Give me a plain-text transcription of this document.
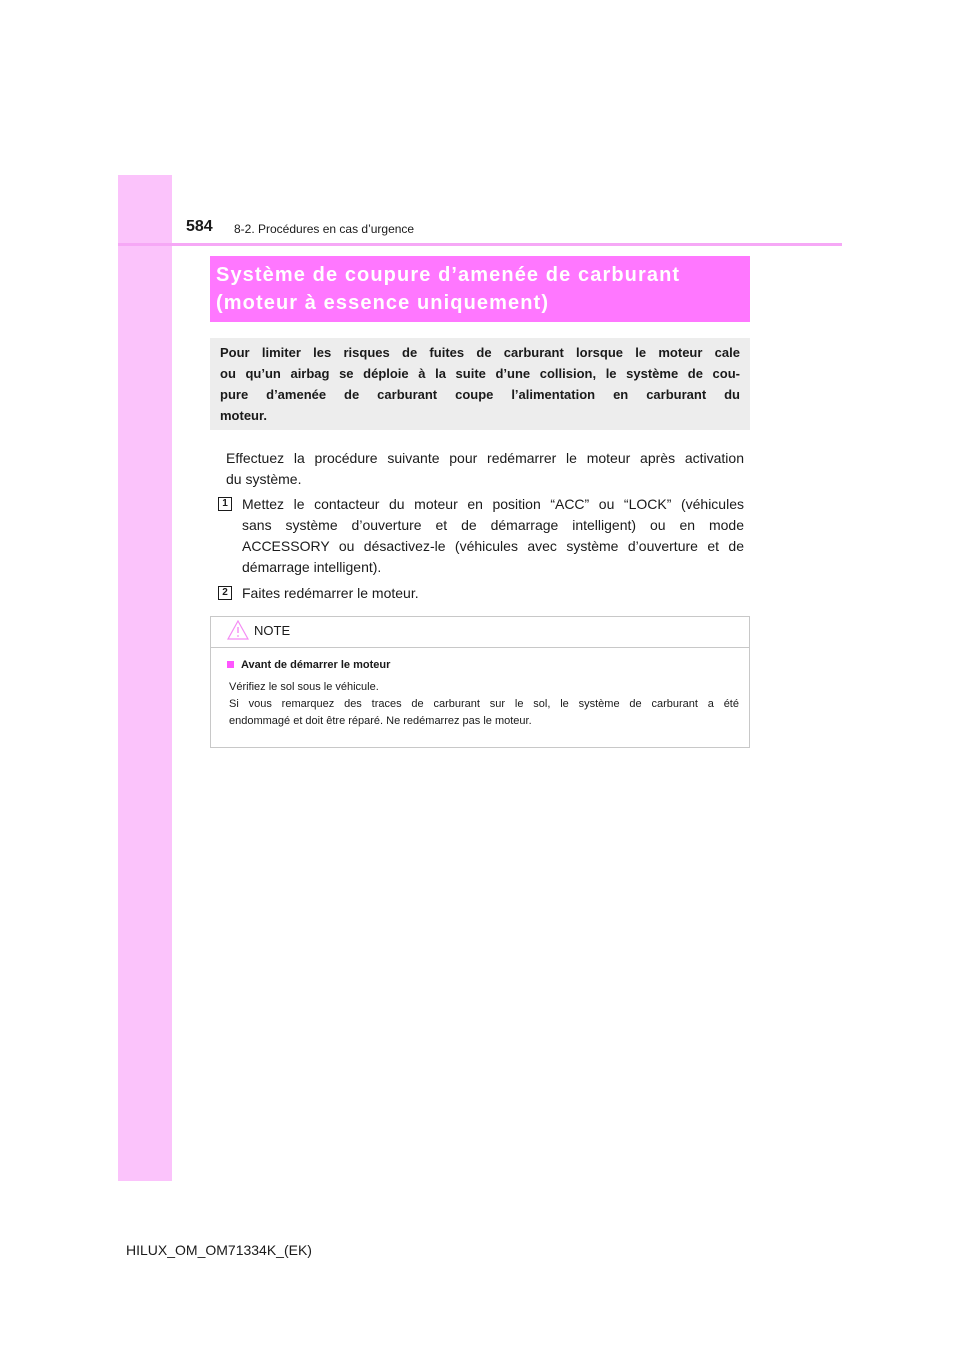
584 8-2. Procédures en cas d’urgence
Système de coupure d’amenée de carburant
(moteur à essence uniquement)
Pour limiter les risques de fuites de carburant lorsque le moteur cale
ou qu’un airbag se déploie à la suite d’une collision, le système de cou-
pure d’amenée de carburant coupe l’alimentation en carburant du
moteur.
Effectuez la procédure suivante pour redémarrer le moteur après activation
du système.
1	Mettez le contacteur du moteur en position “ACC” ou “LOCK” (véhicules
sans système d’ouverture et de démarrage intelligent) ou en mode
ACCESSORY ou désactivez-le (véhicules avec système d’ouverture et de
démarrage intelligent).
2	Faites redémarrer le moteur.
NOTE
Avant de démarrer le moteur
Vérifiez le sol sous le véhicule.
Si vous remarquez des traces de carburant sur le sol, le système de carburant a été
endommagé et doit être réparé. Ne redémarrez pas le moteur.
HILUX_OM_OM71334K_(EK)
